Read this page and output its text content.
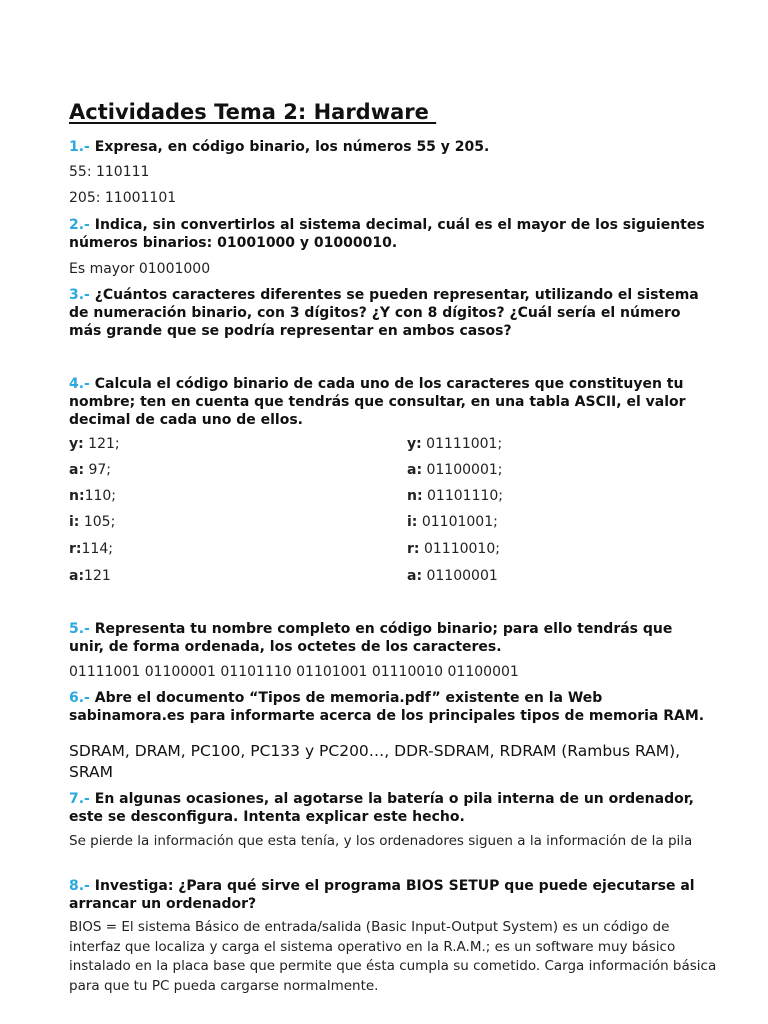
Actividades Tema 2: Hardware

1.- Expresa, en código binario, los números 55 y 205.

55: 110111

205: 11001101

2.- Indica, sin convertirlos al sistema decimal, cuál es el mayor de los siguientes números binarios: 01001000 y 01000010.

Es mayor 01001000

3.- ¿Cuántos caracteres diferentes se pueden representar, utilizando el sistema de numeración binario, con 3 dígitos? ¿Y con 8 dígitos? ¿Cuál sería el número más grande que se podría representar en ambos casos?

4.- Calcula el código binario de cada uno de los caracteres que constituyen tu nombre; ten en cuenta que tendrás que consultar, en una tabla ASCII, el valor decimal de cada uno de ellos.

y: 121;	y: 01111001;
a: 97;	a: 01100001;
n:110;	n: 01101110;
i: 105;	i: 01101001;
r:114;	r: 01110010;
a:121	a: 01100001

5.- Representa tu nombre completo en código binario; para ello tendrás que unir, de forma ordenada, los octetes de los caracteres.

01111001 01100001 01101110 01101001 01110010 01100001

6.- Abre el documento “Tipos de memoria.pdf” existente en la Web sabinamora.es para informarte acerca de los principales tipos de memoria RAM.

SDRAM, DRAM, PC100, PC133 y PC200…, DDR-SDRAM, RDRAM (Rambus RAM), SRAM

7.- En algunas ocasiones, al agotarse la batería o pila interna de un ordenador, este se desconfigura. Intenta explicar este hecho.

Se pierde la información que esta tenía, y los ordenadores siguen a la información de la pila

8.- Investiga: ¿Para qué sirve el programa BIOS SETUP que puede ejecutarse al arrancar un ordenador?

BIOS = El sistema Básico de entrada/salida (Basic Input-Output System) es un código de interfaz que localiza y carga el sistema operativo en la R.A.M.; es un software muy básico instalado en la placa base que permite que ésta cumpla su cometido. Carga información básica para que tu PC pueda cargarse normalmente.
